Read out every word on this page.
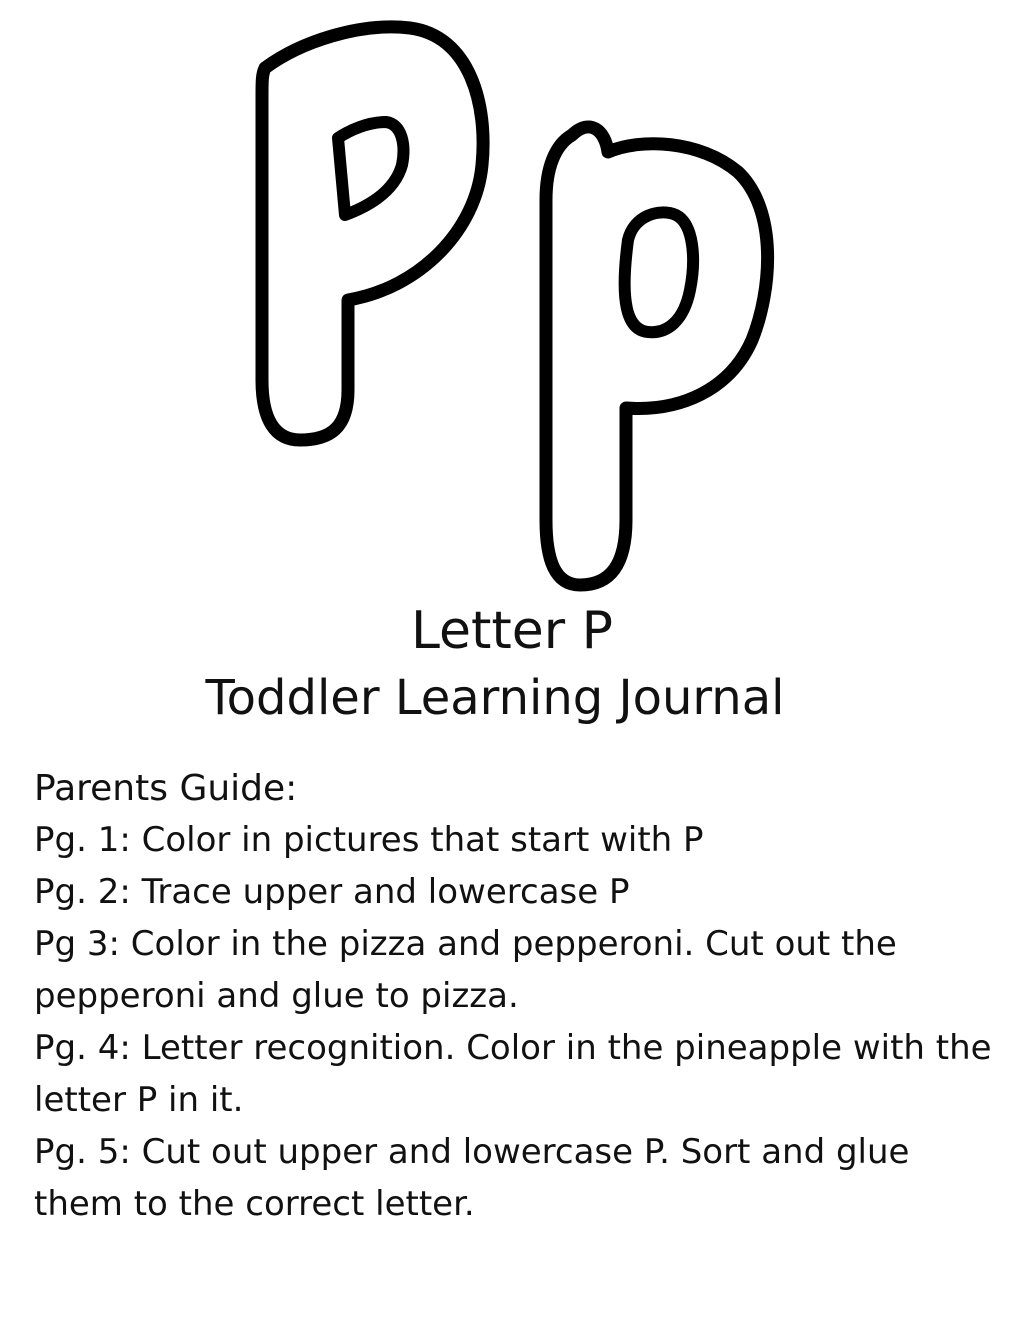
Letter P
Toddler Learning Journal
Parents Guide:
Pg. 1: Color in pictures that start with P
Pg. 2: Trace upper and lowercase P
Pg 3: Color in the pizza and pepperoni. Cut out the pepperoni and glue to pizza.
Pg. 4: Letter recognition. Color in the pineapple with the letter P in it.
Pg. 5: Cut out upper and lowercase P. Sort and glue them to the correct letter.
